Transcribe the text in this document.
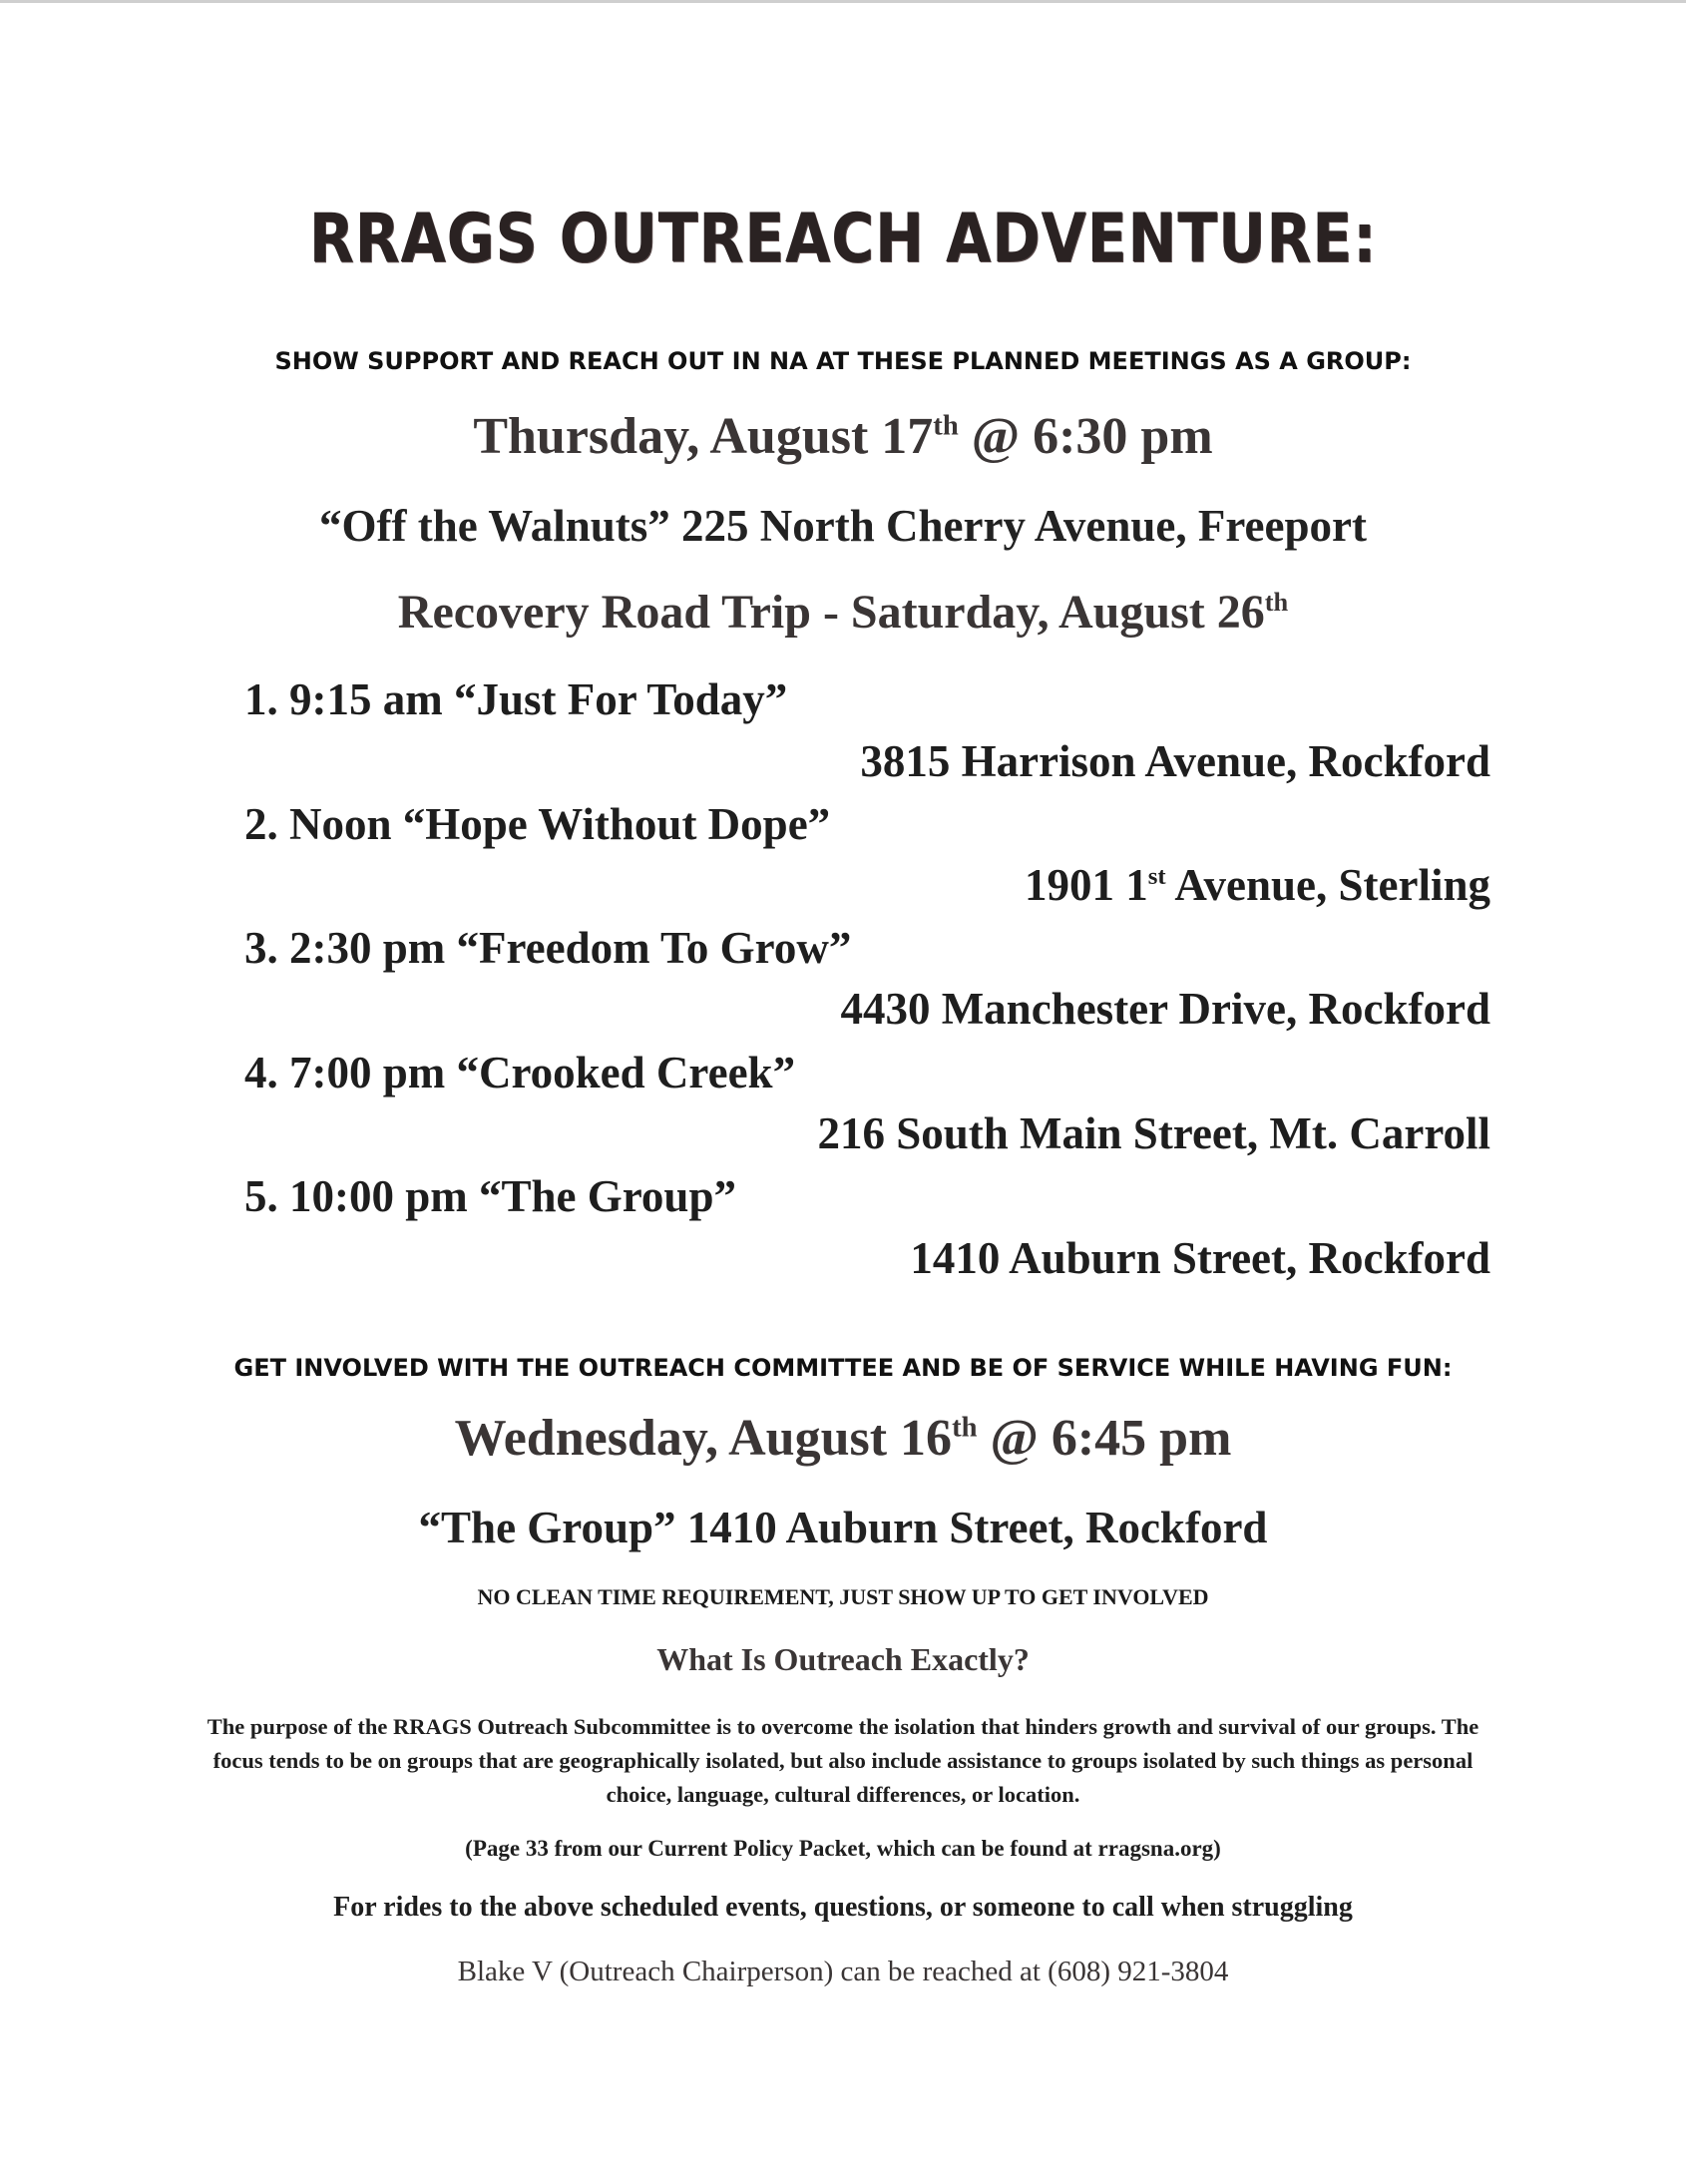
RRAGS OUTREACH ADVENTURE:
SHOW SUPPORT AND REACH OUT IN NA AT THESE PLANNED MEETINGS AS A GROUP:
Thursday, August 17th @ 6:30 pm
“Off the Walnuts” 225 North Cherry Avenue, Freeport
Recovery Road Trip - Saturday, August 26th
1. 9:15 am “Just For Today”
3815 Harrison Avenue, Rockford
2. Noon “Hope Without Dope”
1901 1st Avenue, Sterling
3. 2:30 pm “Freedom To Grow”
4430 Manchester Drive, Rockford
4. 7:00 pm “Crooked Creek”
216 South Main Street, Mt. Carroll
5. 10:00 pm “The Group”
1410 Auburn Street, Rockford
GET INVOLVED WITH THE OUTREACH COMMITTEE AND BE OF SERVICE WHILE HAVING FUN:
Wednesday, August 16th @ 6:45 pm
“The Group” 1410 Auburn Street, Rockford
NO CLEAN TIME REQUIREMENT, JUST SHOW UP TO GET INVOLVED
What Is Outreach Exactly?
The purpose of the RRAGS Outreach Subcommittee is to overcome the isolation that hinders growth and survival of our groups. The focus tends to be on groups that are geographically isolated, but also include assistance to groups isolated by such things as personal choice, language, cultural differences, or location.
(Page 33 from our Current Policy Packet, which can be found at rragsna.org)
For rides to the above scheduled events, questions, or someone to call when struggling
Blake V (Outreach Chairperson) can be reached at (608) 921-3804
